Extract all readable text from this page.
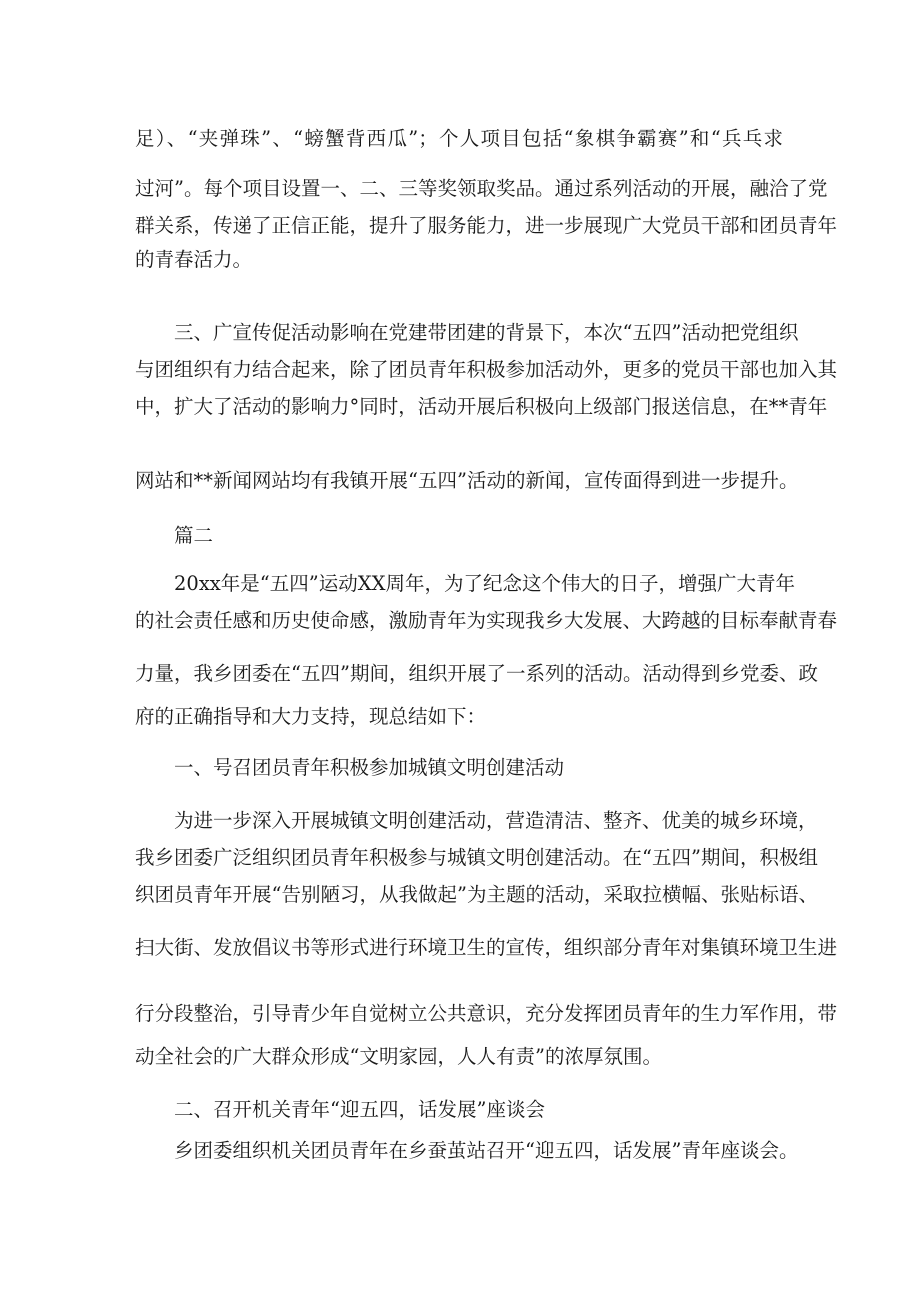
足）、“夹弹珠”、“螃蟹背西瓜”；个人项目包括“象棋争霸赛”和“兵乓求
过河”。每个项目设置一、二、三等奖领取奖品。通过系列活动的开展，融洽了党
群关系，传递了正信正能，提升了服务能力，进一步展现广大党员干部和团员青年
的青春活力。
三、广宣传促活动影响在党建带团建的背景下，本次“五四”活动把党组织
与团组织有力结合起来，除了团员青年积极参加活动外，更多的党员干部也加入其
中，扩大了活动的影响力°同时，活动开展后积极向上级部门报送信息，在**青年
网站和**新闻网站均有我镇开展“五四”活动的新闻，宣传面得到进一步提升。
篇二
20xx年是“五四”运动XX周年，为了纪念这个伟大的日子，增强广大青年
的社会责任感和历史使命感，激励青年为实现我乡大发展、大跨越的目标奉献青春
力量，我乡团委在“五四”期间，组织开展了一系列的活动。活动得到乡党委、政
府的正确指导和大力支持，现总结如下：
一、号召团员青年积极参加城镇文明创建活动
为进一步深入开展城镇文明创建活动，营造清洁、整齐、优美的城乡环境，
我乡团委广泛组织团员青年积极参与城镇文明创建活动。在“五四”期间，积极组
织团员青年开展“告别陋习，从我做起”为主题的活动，采取拉横幅、张贴标语、
扫大街、发放倡议书等形式进行环境卫生的宣传，组织部分青年对集镇环境卫生进
行分段整治，引导青少年自觉树立公共意识，充分发挥团员青年的生力军作用，带
动全社会的广大群众形成“文明家园，人人有责”的浓厚氛围。
二、召开机关青年“迎五四，话发展”座谈会
乡团委组织机关团员青年在乡蚕茧站召开“迎五四，话发展”青年座谈会。
